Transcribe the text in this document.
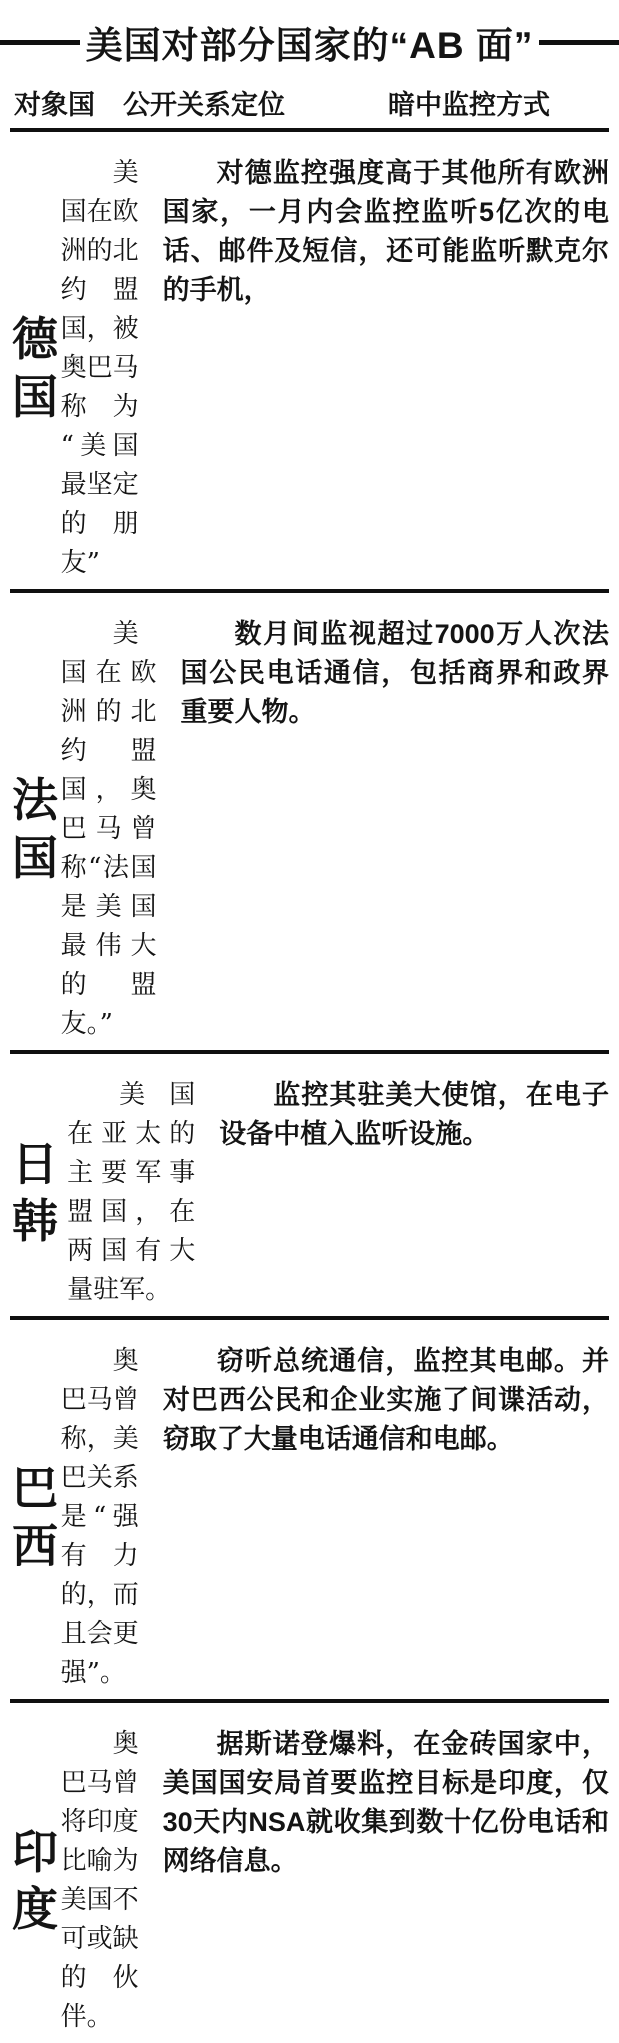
美国对部分国家的“AB 面”
对象国	公开关系定位	暗中监控方式
德国

美国在欧洲的北约盟国，被奥巴马称为“美国最坚定的朋友”

对德监控强度高于其他所有欧洲国家，一月内会监控监听5亿次的电话、邮件及短信，还可能监听默克尔的手机，

法国

美国在欧洲的北约盟国，奥巴马曾称“法国是美国最伟大的盟友。”

数月间监视超过7000万人次法国公民电话通信，包括商界和政界重要人物。

日韩

美国在亚太的主要军事盟国，在两国有大量驻军。

监控其驻美大使馆，在电子设备中植入监听设施。

巴西

奥巴马曾称，美巴关系是“强有力的，而且会更强”。

窃听总统通信，监控其电邮。并对巴西公民和企业实施了间谍活动，窃取了大量电话通信和电邮。

印度

奥巴马曾将印度比喻为美国不可或缺的伙伴。

据斯诺登爆料，在金砖国家中，美国国安局首要监控目标是印度，仅30天内NSA就收集到数十亿份电话和网络信息。
